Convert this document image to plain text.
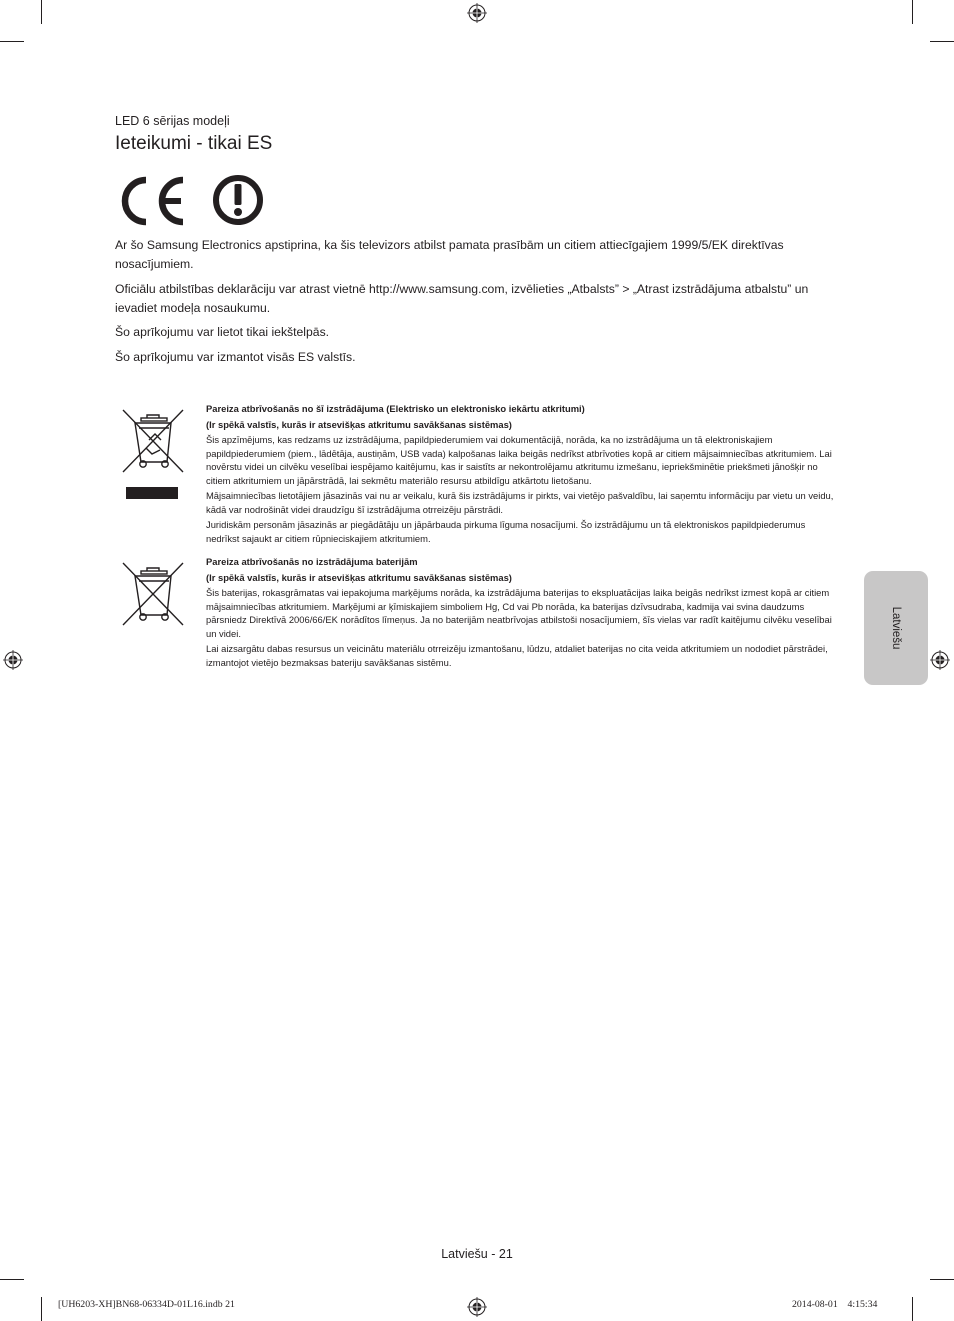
LED 6 sērijas modeļi
Ieteikumi - tikai ES

Ar šo Samsung Electronics apstiprina, ka šis televizors atbilst pamata prasībām un citiem attiecīgajiem 1999/5/EK direktīvas nosacījumiem.

Oficiālu atbilstības deklarāciju var atrast vietnē http://www.samsung.com, izvēlieties „Atbalsts” > „Atrast izstrādājuma atbalstu” un ievadiet modeļa nosaukumu.

Šo aprīkojumu var lietot tikai iekštelpās.

Šo aprīkojumu var izmantot visās ES valstīs.

Pareiza atbrīvošanās no šī izstrādājuma (Elektrisko un elektronisko iekārtu atkritumi)

(Ir spēkā valstīs, kurās ir atsevišķas atkritumu savākšanas sistēmas)

Šis apzīmējums, kas redzams uz izstrādājuma, papildpiederumiem vai dokumentācijā, norāda, ka no izstrādājuma un tā elektroniskajiem papildpiederumiem (piem., lādētāja, austiņām, USB vada) kalpošanas laika beigās nedrīkst atbrīvoties kopā ar citiem mājsaimniecības atkritumiem. Lai novērstu videi un cilvēku veselībai iespējamo kaitējumu, kas ir saistīts ar nekontrolējamu atkritumu izmešanu, iepriekšminētie priekšmeti jānošķir no citiem atkritumiem un jāpārstrādā, lai sekmētu materiālo resursu atbildīgu atkārtotu lietošanu.

Mājsaimniecības lietotājiem jāsazinās vai nu ar veikalu, kurā šis izstrādājums ir pirkts, vai vietējo pašvaldību, lai saņemtu informāciju par vietu un veidu, kādā var nodrošināt videi draudzīgu šī izstrādājuma otrreizēju pārstrādi.

Juridiskām personām jāsazinās ar piegādātāju un jāpārbauda pirkuma līguma nosacījumi. Šo izstrādājumu un tā elektroniskos papildpiederumus nedrīkst sajaukt ar citiem rūpnieciskajiem atkritumiem.

Pareiza atbrīvošanās no izstrādājuma baterijām

(Ir spēkā valstīs, kurās ir atsevišķas atkritumu savākšanas sistēmas)

Šis baterijas, rokasgrāmatas vai iepakojuma marķējums norāda, ka izstrādājuma baterijas to ekspluatācijas laika beigās nedrīkst izmest kopā ar citiem mājsaimniecības atkritumiem. Marķējumi ar ķīmiskajiem simboliem Hg, Cd vai Pb norāda, ka baterijas dzīvsudraba, kadmija vai svina daudzums pārsniedz Direktīvā 2006/66/EK norādītos līmeņus. Ja no baterijām neatbrīvojas atbilstoši nosacījumiem, šīs vielas var radīt kaitējumu cilvēku veselībai un videi.

Lai aizsargātu dabas resursus un veicinātu materiālu otrreizēju izmantošanu, lūdzu, atdaliet baterijas no cita veida atkritumiem un nododiet pārstrādei, izmantojot vietējo bezmaksas bateriju savākšanas sistēmu.

Latviešu
Latviešu - 21
[UH6203-XH]BN68-06334D-01L16.indb 21	2014-08-01   4:15:34
